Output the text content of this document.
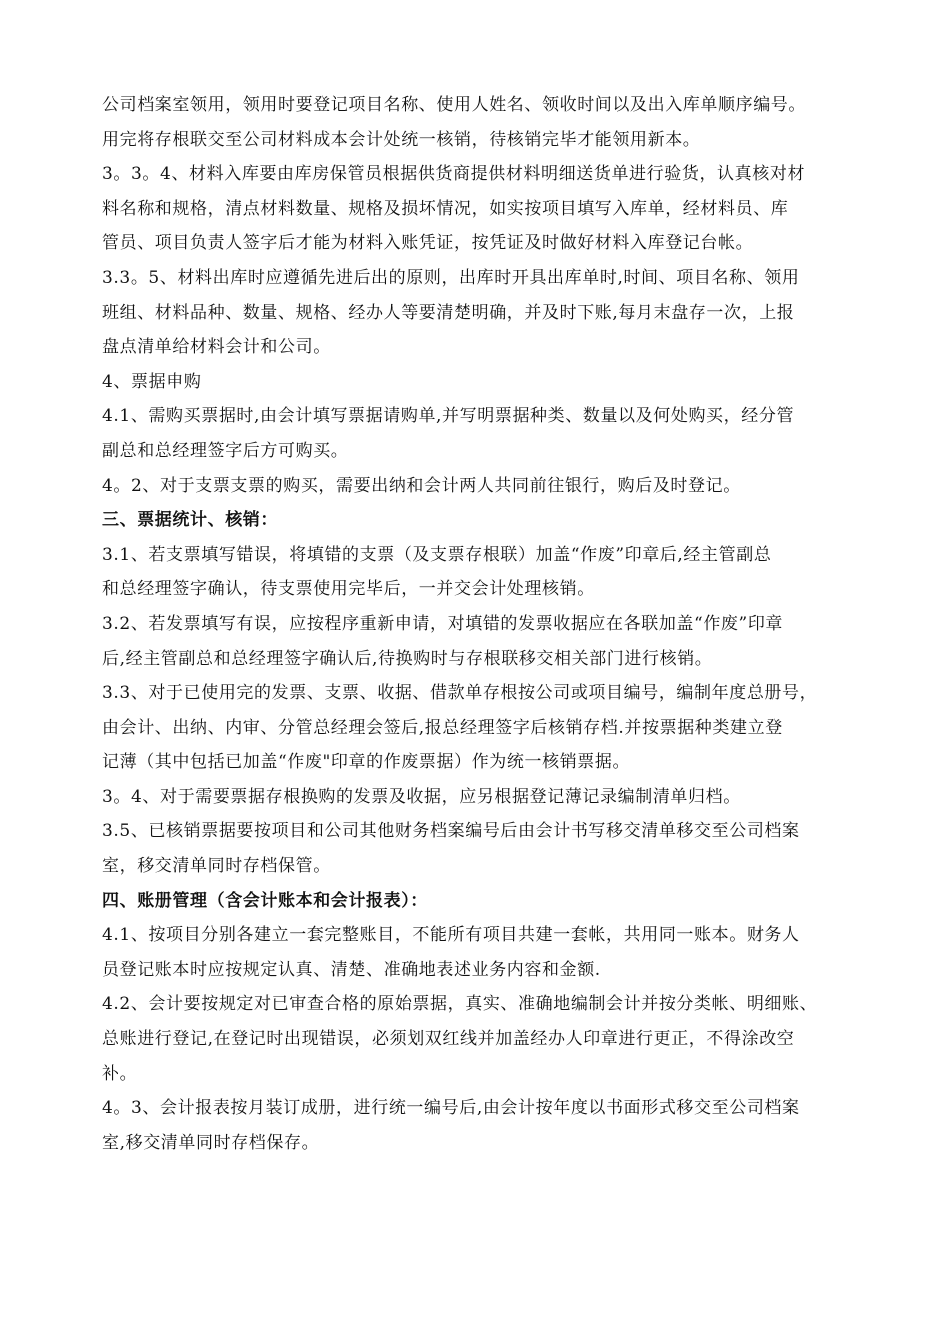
公司档案室领用，领用时要登记项目名称、使用人姓名、领收时间以及出入库单顺序编号。
用完将存根联交至公司材料成本会计处统一核销，待核销完毕才能领用新本。
3。3。4、材料入库要由库房保管员根据供货商提供材料明细送货单进行验货，认真核对材
料名称和规格，清点材料数量、规格及损坏情况，如实按项目填写入库单，经材料员、库
管员、项目负责人签字后才能为材料入账凭证，按凭证及时做好材料入库登记台帐。
3.3。5、材料出库时应遵循先进后出的原则，出库时开具出库单时,时间、项目名称、领用
班组、材料品种、数量、规格、经办人等要清楚明确，并及时下账,每月末盘存一次，上报
盘点清单给材料会计和公司。
4、票据申购
4.1、需购买票据时,由会计填写票据请购单,并写明票据种类、数量以及何处购买，经分管
副总和总经理签字后方可购买。
4。2、对于支票支票的购买，需要出纳和会计两人共同前往银行，购后及时登记。
三、票据统计、核销：
3.1、若支票填写错误，将填错的支票（及支票存根联）加盖“作废”印章后,经主管副总
和总经理签字确认，待支票使用完毕后，一并交会计处理核销。
3.2、若发票填写有误，应按程序重新申请，对填错的发票收据应在各联加盖“作废”印章
后,经主管副总和总经理签字确认后,待换购时与存根联移交相关部门进行核销。
3.3、对于已使用完的发票、支票、收据、借款单存根按公司或项目编号，编制年度总册号，
由会计、出纳、内审、分管总经理会签后,报总经理签字后核销存档.并按票据种类建立登
记薄（其中包括已加盖“作废"印章的作废票据）作为统一核销票据。
3。4、对于需要票据存根换购的发票及收据，应另根据登记薄记录编制清单归档。
3.5、已核销票据要按项目和公司其他财务档案编号后由会计书写移交清单移交至公司档案
室，移交清单同时存档保管。
四、账册管理（含会计账本和会计报表）：
4.1、按项目分别各建立一套完整账目，不能所有项目共建一套帐，共用同一账本。财务人
员登记账本时应按规定认真、清楚、准确地表述业务内容和金额.
4.2、会计要按规定对已审查合格的原始票据，真实、准确地编制会计并按分类帐、明细账、
总账进行登记,在登记时出现错误，必须划双红线并加盖经办人印章进行更正，不得涂改空
补。
4。3、会计报表按月装订成册，进行统一编号后,由会计按年度以书面形式移交至公司档案
室,移交清单同时存档保存。
